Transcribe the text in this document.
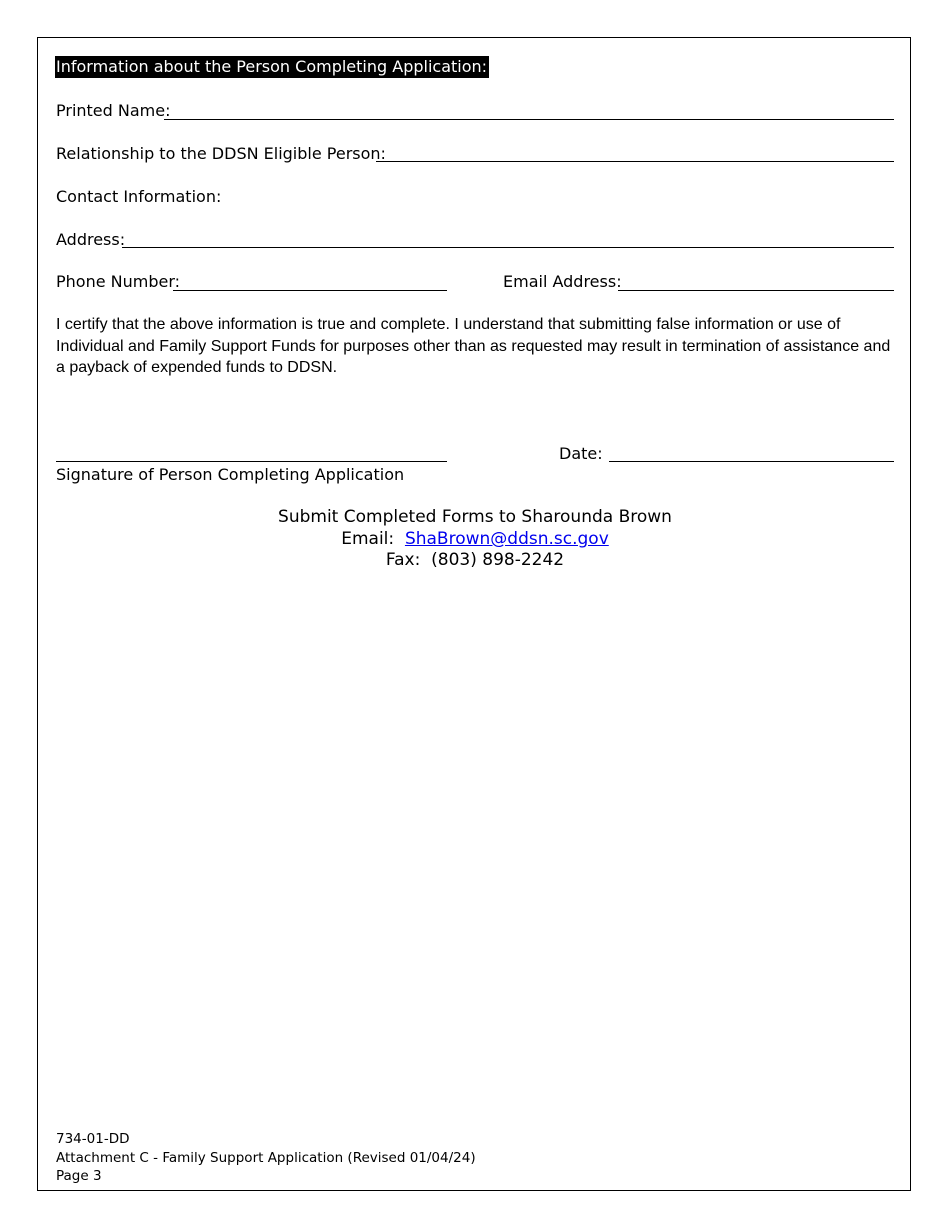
Information about the Person Completing Application:
Printed Name:
Relationship to the DDSN Eligible Person:
Contact Information:
Address:
Phone Number:	Email Address:
I certify that the above information is true and complete. I understand that submitting false information or use of Individual and Family Support Funds for purposes other than as requested may result in termination of assistance and a payback of expended funds to DDSN.
Signature of Person Completing Application
Date:
Submit Completed Forms to Sharounda Brown
Email: ShaBrown@ddsn.sc.gov
Fax: (803) 898-2242
734-01-DD
Attachment C - Family Support Application (Revised 01/04/24)
Page 3
